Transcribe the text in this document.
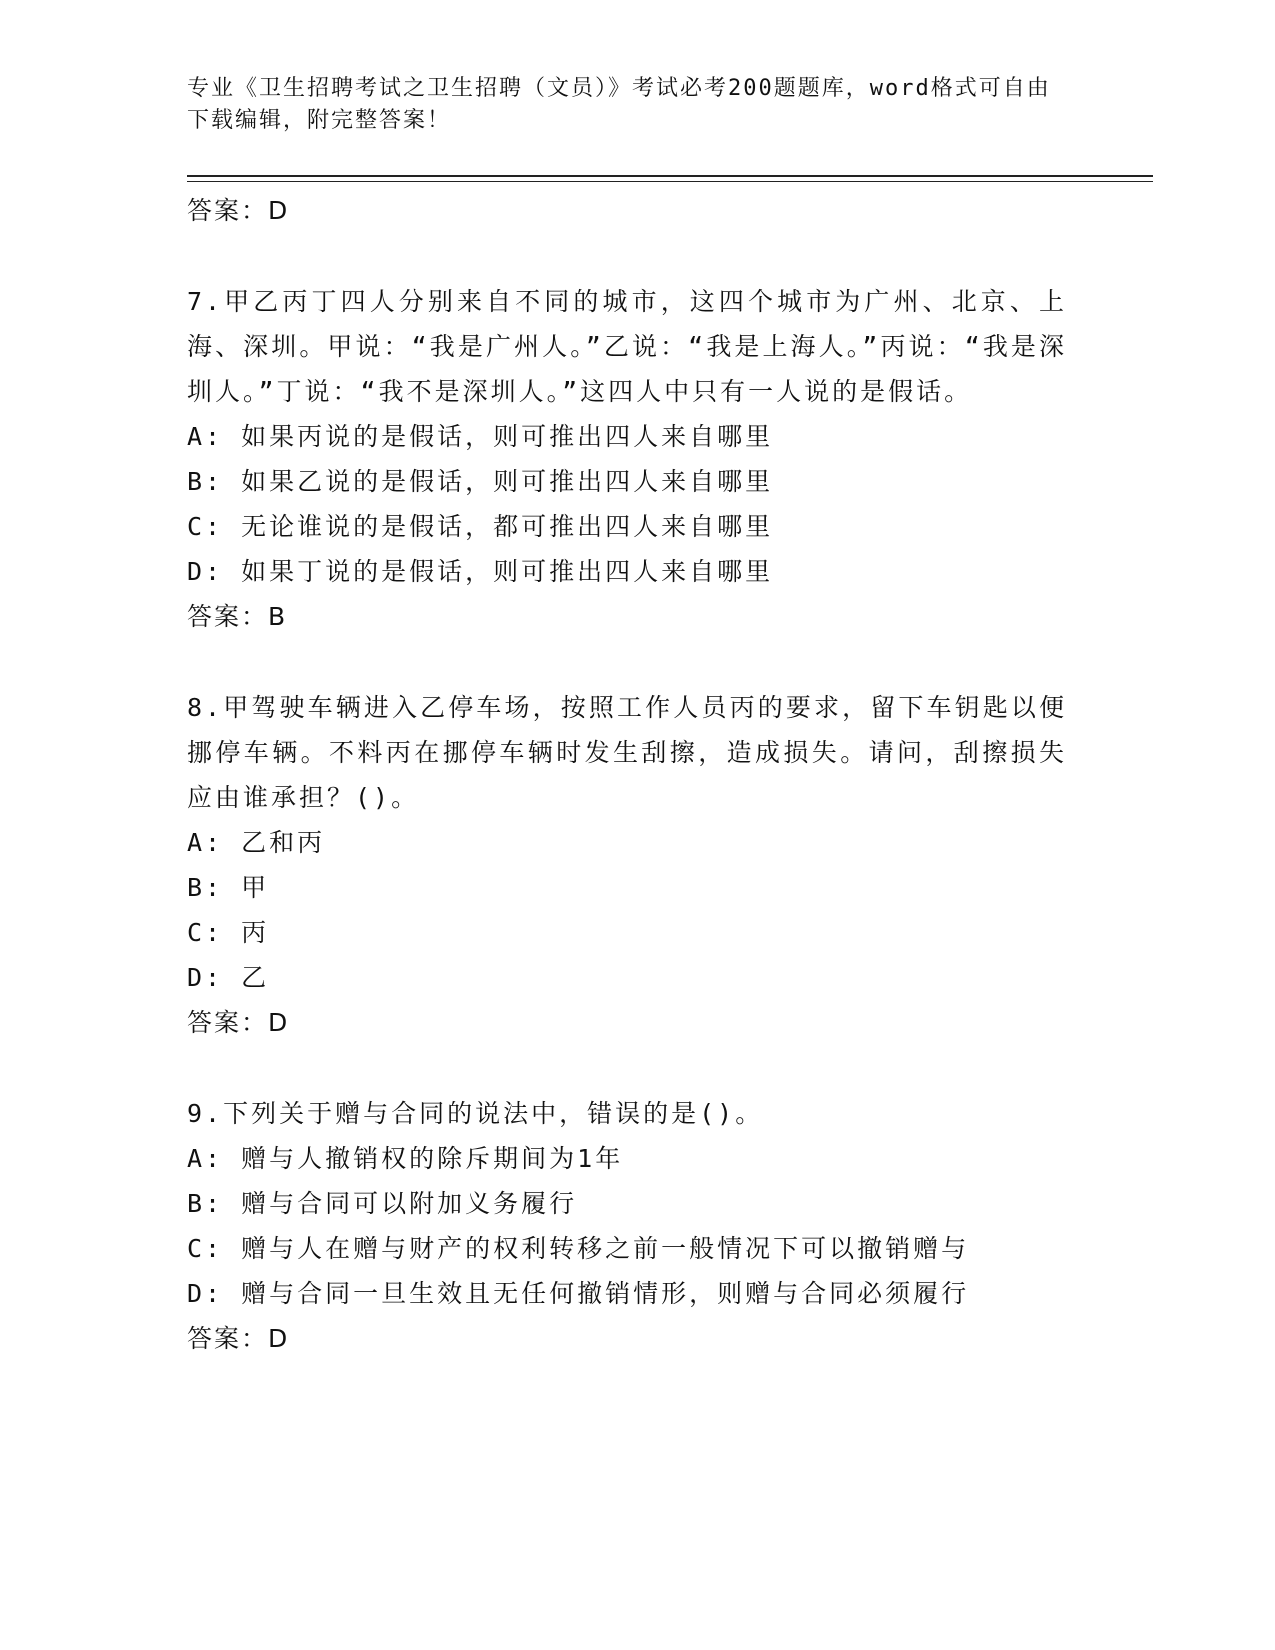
专业《卫生招聘考试之卫生招聘（文员）》考试必考200题题库，word格式可自由下载编辑，附完整答案！

答案：D

7.甲乙丙丁四人分别来自不同的城市，这四个城市为广州、北京、上海、深圳。甲说：“我是广州人。”乙说：“我是上海人。”丙说：“我是深圳人。”丁说：“我不是深圳人。”这四人中只有一人说的是假话。

A: 如果丙说的是假话，则可推出四人来自哪里

B: 如果乙说的是假话，则可推出四人来自哪里

C: 无论谁说的是假话，都可推出四人来自哪里

D: 如果丁说的是假话，则可推出四人来自哪里

答案：B

8.甲驾驶车辆进入乙停车场，按照工作人员丙的要求，留下车钥匙以便挪停车辆。不料丙在挪停车辆时发生刮擦，造成损失。请问，刮擦损失应由谁承担？()。

A: 乙和丙

B: 甲

C: 丙

D: 乙

答案：D

9.下列关于赠与合同的说法中，错误的是()。

A: 赠与人撤销权的除斥期间为1年

B: 赠与合同可以附加义务履行

C: 赠与人在赠与财产的权利转移之前一般情况下可以撤销赠与

D: 赠与合同一旦生效且无任何撤销情形，则赠与合同必须履行

答案：D
